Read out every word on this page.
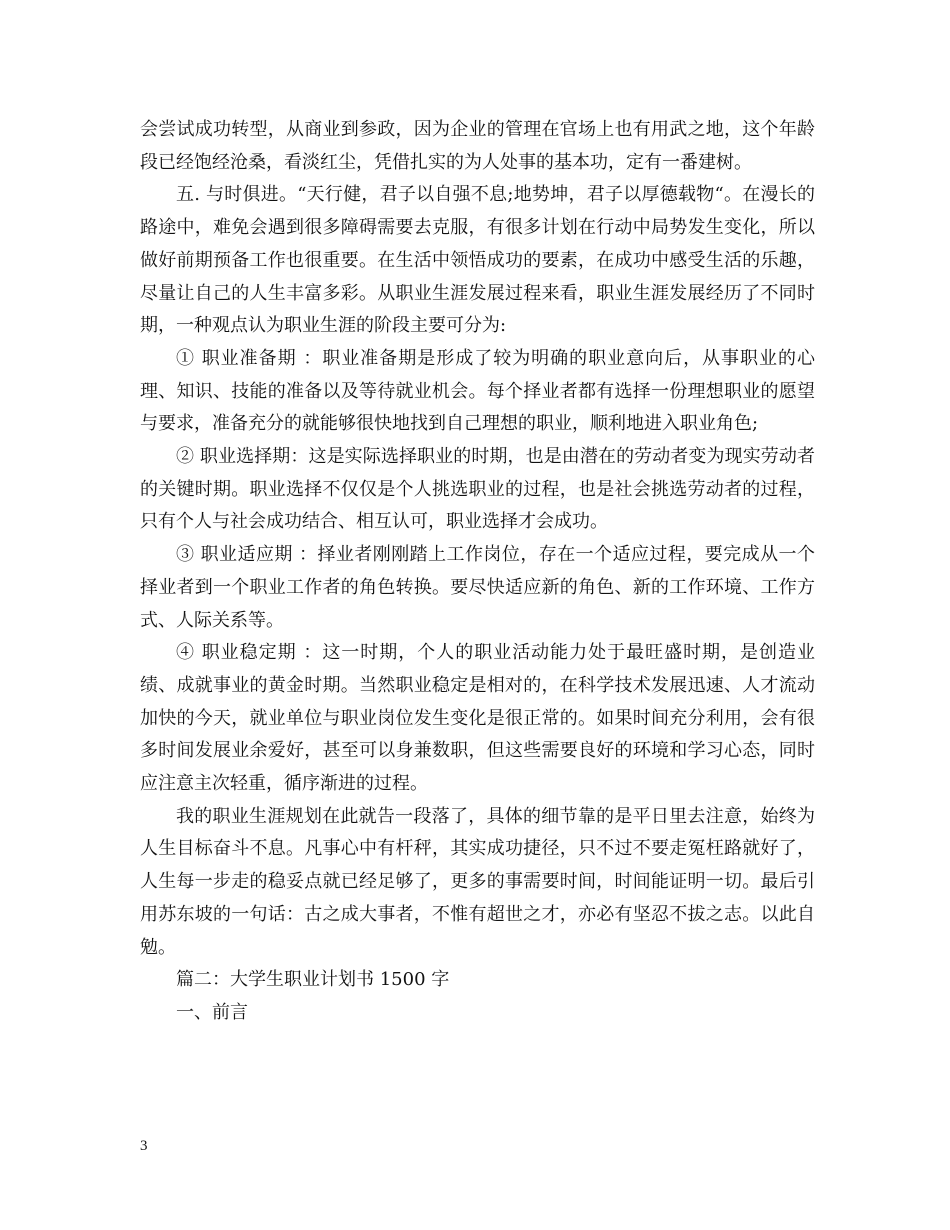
会尝试成功转型，从商业到参政，因为企业的管理在官场上也有用武之地，这个年龄段已经饱经沧桑，看淡红尘，凭借扎实的为人处事的基本功，定有一番建树。

五. 与时俱进。“天行健，君子以自强不息;地势坤，君子以厚德载物“。在漫长的路途中，难免会遇到很多障碍需要去克服，有很多计划在行动中局势发生变化，所以做好前期预备工作也很重要。在生活中领悟成功的要素，在成功中感受生活的乐趣，尽量让自己的人生丰富多彩。从职业生涯发展过程来看，职业生涯发展经历了不同时期，一种观点认为职业生涯的阶段主要可分为:

① 职业准备期 ：职业准备期是形成了较为明确的职业意向后，从事职业的心理、知识、技能的准备以及等待就业机会。每个择业者都有选择一份理想职业的愿望与要求，准备充分的就能够很快地找到自己理想的职业，顺利地进入职业角色;

② 职业选择期：这是实际选择职业的时期，也是由潜在的劳动者变为现实劳动者的关键时期。职业选择不仅仅是个人挑选职业的过程，也是社会挑选劳动者的过程，只有个人与社会成功结合、相互认可，职业选择才会成功。

③ 职业适应期 ：择业者刚刚踏上工作岗位，存在一个适应过程，要完成从一个择业者到一个职业工作者的角色转换。要尽快适应新的角色、新的工作环境、工作方式、人际关系等。

④ 职业稳定期 ：这一时期，个人的职业活动能力处于最旺盛时期，是创造业绩、成就事业的黄金时期。当然职业稳定是相对的，在科学技术发展迅速、人才流动加快的今天，就业单位与职业岗位发生变化是很正常的。如果时间充分利用，会有很多时间发展业余爱好，甚至可以身兼数职，但这些需要良好的环境和学习心态，同时应注意主次轻重，循序渐进的过程。

我的职业生涯规划在此就告一段落了，具体的细节靠的是平日里去注意，始终为人生目标奋斗不息。凡事心中有杆秤，其实成功捷径，只不过不要走冤枉路就好了，人生每一步走的稳妥点就已经足够了，更多的事需要时间，时间能证明一切。最后引用苏东坡的一句话：古之成大事者，不惟有超世之才，亦必有坚忍不拔之志。以此自勉。

篇二：大学生职业计划书 1500 字

一、前言

3
